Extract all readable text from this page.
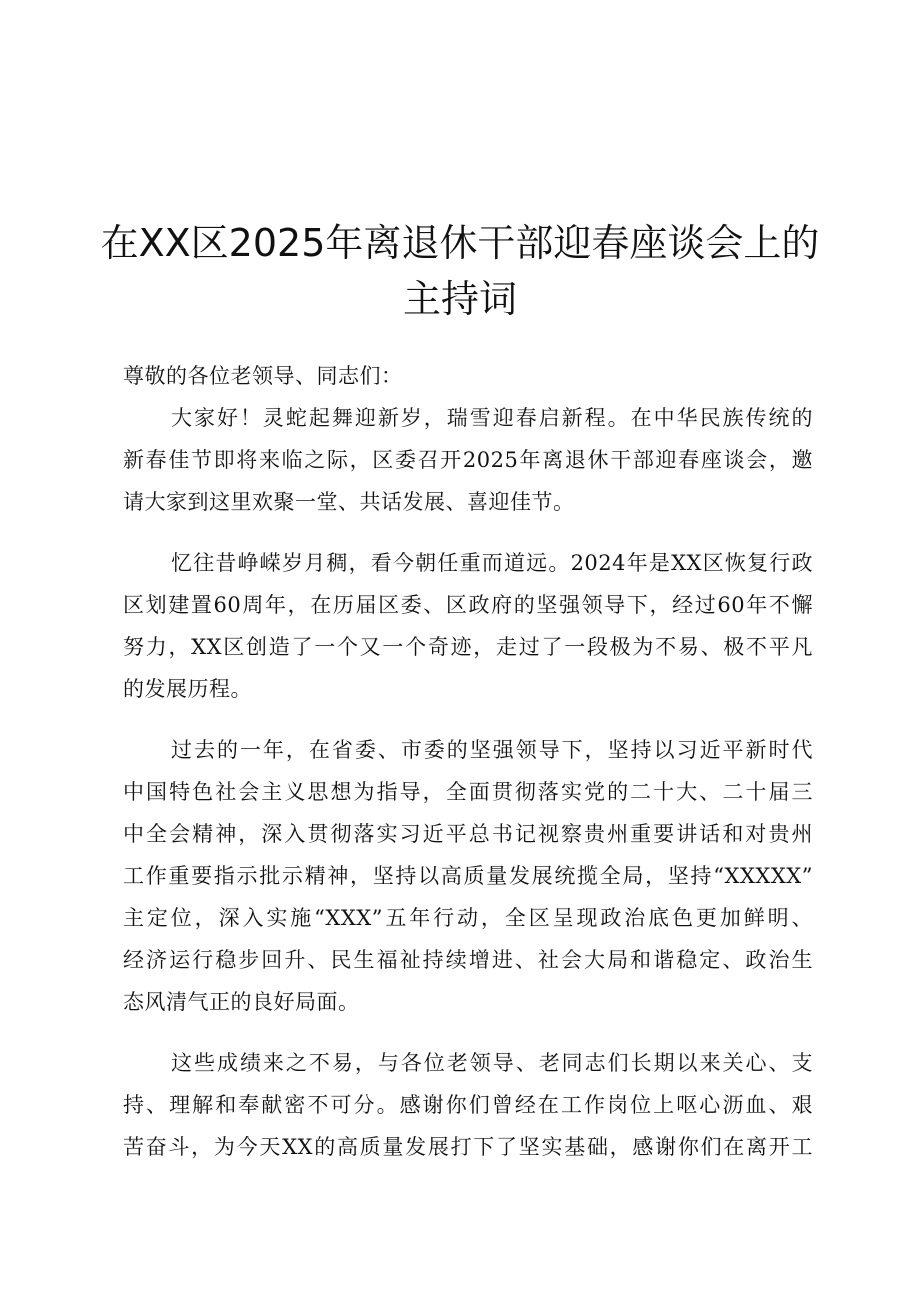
在XX区2025年离退休干部迎春座谈会上的
主持词
尊敬的各位老领导、同志们：
大家好！灵蛇起舞迎新岁，瑞雪迎春启新程。在中华民族传统的
新春佳节即将来临之际，区委召开2025年离退休干部迎春座谈会，邀
请大家到这里欢聚一堂、共话发展、喜迎佳节。
忆往昔峥嵘岁月稠，看今朝任重而道远。2024年是XX区恢复行政
区划建置60周年，在历届区委、区政府的坚强领导下，经过60年不懈
努力，XX区创造了一个又一个奇迹，走过了一段极为不易、极不平凡
的发展历程。
过去的一年，在省委、市委的坚强领导下，坚持以习近平新时代
中国特色社会主义思想为指导，全面贯彻落实党的二十大、二十届三
中全会精神，深入贯彻落实习近平总书记视察贵州重要讲话和对贵州
工作重要指示批示精神，坚持以高质量发展统揽全局，坚持“XXXXX”
主定位，深入实施“XXX”五年行动，全区呈现政治底色更加鲜明、
经济运行稳步回升、民生福祉持续增进、社会大局和谐稳定、政治生
态风清气正的良好局面。
这些成绩来之不易，与各位老领导、老同志们长期以来关心、支
持、理解和奉献密不可分。感谢你们曾经在工作岗位上呕心沥血、艰
苦奋斗，为今天XX的高质量发展打下了坚实基础，感谢你们在离开工
